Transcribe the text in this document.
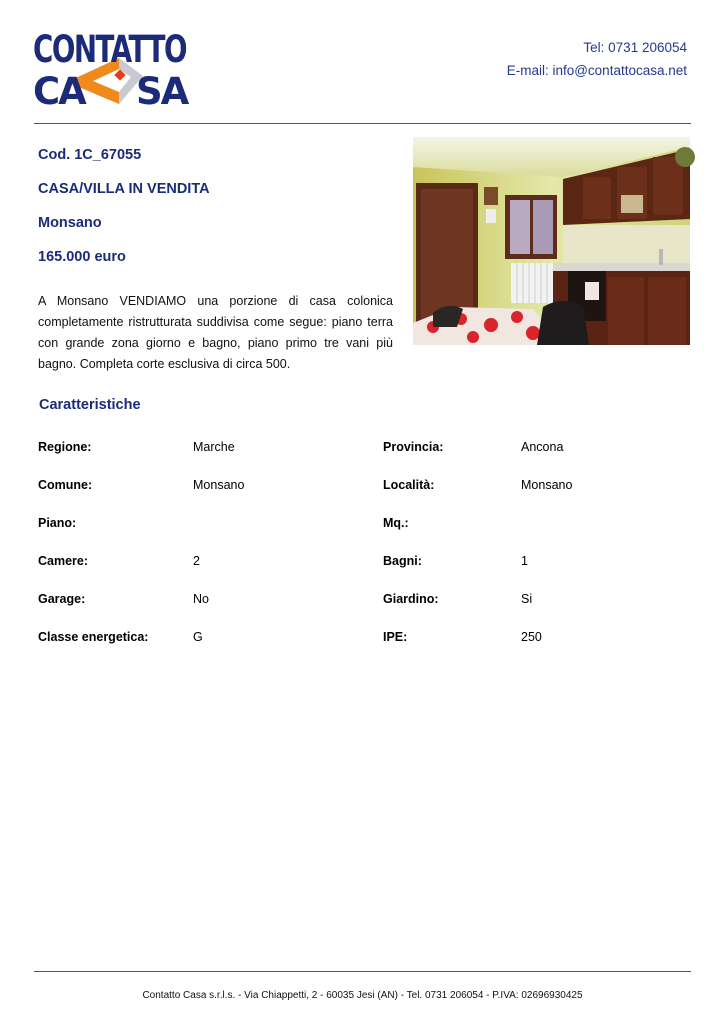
CONTATTO
CA SA
Tel: 0731 206054
E-mail: info@contattocasa.net
Cod. 1C_67055
CASA/VILLA IN VENDITA
Monsano
165.000 euro
A Monsano VENDIAMO una porzione di casa colonica completamente ristrutturata suddivisa come segue: piano terra con grande zona giorno e bagno, piano primo tre vani più bagno. Completa corte esclusiva di circa 500.
Caratteristiche
Regione:	Marche	Provincia:	Ancona
Comune:	Monsano	Località:	Monsano
Piano:	Mq.:
Camere:	2	Bagni:	1
Garage:	No	Giardino:	Si
Classe energetica:	G	IPE:	250
Contatto Casa s.r.l.s. - Via Chiappetti, 2 - 60035 Jesi (AN) - Tel. 0731 206054 - P.IVA: 02696930425
